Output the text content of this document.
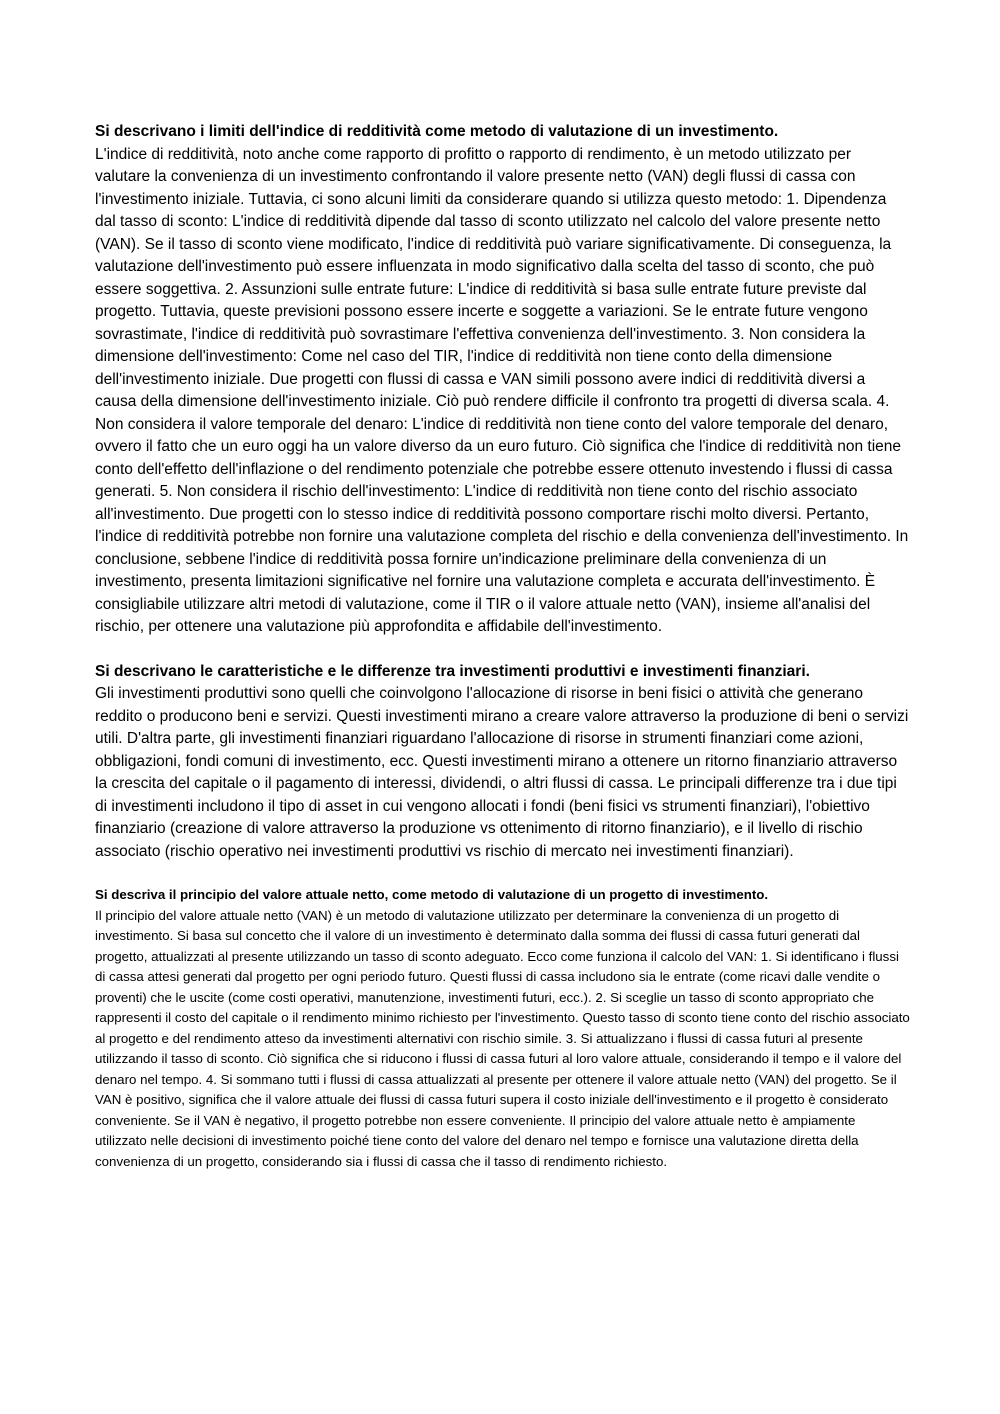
Si descrivano i limiti dell'indice di redditività come metodo di valutazione di un investimento.

L'indice di redditività, noto anche come rapporto di profitto o rapporto di rendimento, è un metodo utilizzato per valutare la convenienza di un investimento confrontando il valore presente netto (VAN) degli flussi di cassa con l'investimento iniziale. Tuttavia, ci sono alcuni limiti da considerare quando si utilizza questo metodo: 1. Dipendenza dal tasso di sconto: L'indice di redditività dipende dal tasso di sconto utilizzato nel calcolo del valore presente netto (VAN). Se il tasso di sconto viene modificato, l'indice di redditività può variare significativamente. Di conseguenza, la valutazione dell'investimento può essere influenzata in modo significativo dalla scelta del tasso di sconto, che può essere soggettiva. 2. Assunzioni sulle entrate future: L'indice di redditività si basa sulle entrate future previste dal progetto. Tuttavia, queste previsioni possono essere incerte e soggette a variazioni. Se le entrate future vengono sovrastimate, l'indice di redditività può sovrastimare l'effettiva convenienza dell'investimento. 3. Non considera la dimensione dell'investimento: Come nel caso del TIR, l'indice di redditività non tiene conto della dimensione dell'investimento iniziale. Due progetti con flussi di cassa e VAN simili possono avere indici di redditività diversi a causa della dimensione dell'investimento iniziale. Ciò può rendere difficile il confronto tra progetti di diversa scala. 4. Non considera il valore temporale del denaro: L'indice di redditività non tiene conto del valore temporale del denaro, ovvero il fatto che un euro oggi ha un valore diverso da un euro futuro. Ciò significa che l'indice di redditività non tiene conto dell'effetto dell'inflazione o del rendimento potenziale che potrebbe essere ottenuto investendo i flussi di cassa generati. 5. Non considera il rischio dell'investimento: L'indice di redditività non tiene conto del rischio associato all'investimento. Due progetti con lo stesso indice di redditività possono comportare rischi molto diversi. Pertanto, l'indice di redditività potrebbe non fornire una valutazione completa del rischio e della convenienza dell'investimento. In conclusione, sebbene l'indice di redditività possa fornire un'indicazione preliminare della convenienza di un investimento, presenta limitazioni significative nel fornire una valutazione completa e accurata dell'investimento. È consigliabile utilizzare altri metodi di valutazione, come il TIR o il valore attuale netto (VAN), insieme all'analisi del rischio, per ottenere una valutazione più approfondita e affidabile dell'investimento.

Si descrivano le caratteristiche e le differenze tra investimenti produttivi e investimenti finanziari.

Gli investimenti produttivi sono quelli che coinvolgono l'allocazione di risorse in beni fisici o attività che generano reddito o producono beni e servizi. Questi investimenti mirano a creare valore attraverso la produzione di beni o servizi utili. D'altra parte, gli investimenti finanziari riguardano l'allocazione di risorse in strumenti finanziari come azioni, obbligazioni, fondi comuni di investimento, ecc. Questi investimenti mirano a ottenere un ritorno finanziario attraverso la crescita del capitale o il pagamento di interessi, dividendi, o altri flussi di cassa. Le principali differenze tra i due tipi di investimenti includono il tipo di asset in cui vengono allocati i fondi (beni fisici vs strumenti finanziari), l'obiettivo finanziario (creazione di valore attraverso la produzione vs ottenimento di ritorno finanziario), e il livello di rischio associato (rischio operativo nei investimenti produttivi vs rischio di mercato nei investimenti finanziari).

Si descriva il principio del valore attuale netto, come metodo di valutazione di un progetto di investimento.

Il principio del valore attuale netto (VAN) è un metodo di valutazione utilizzato per determinare la convenienza di un progetto di investimento. Si basa sul concetto che il valore di un investimento è determinato dalla somma dei flussi di cassa futuri generati dal progetto, attualizzati al presente utilizzando un tasso di sconto adeguato. Ecco come funziona il calcolo del VAN: 1. Si identificano i flussi di cassa attesi generati dal progetto per ogni periodo futuro. Questi flussi di cassa includono sia le entrate (come ricavi dalle vendite o proventi) che le uscite (come costi operativi, manutenzione, investimenti futuri, ecc.). 2. Si sceglie un tasso di sconto appropriato che rappresenti il costo del capitale o il rendimento minimo richiesto per l'investimento. Questo tasso di sconto tiene conto del rischio associato al progetto e del rendimento atteso da investimenti alternativi con rischio simile. 3. Si attualizzano i flussi di cassa futuri al presente utilizzando il tasso di sconto. Ciò significa che si riducono i flussi di cassa futuri al loro valore attuale, considerando il tempo e il valore del denaro nel tempo. 4. Si sommano tutti i flussi di cassa attualizzati al presente per ottenere il valore attuale netto (VAN) del progetto. Se il VAN è positivo, significa che il valore attuale dei flussi di cassa futuri supera il costo iniziale dell'investimento e il progetto è considerato conveniente. Se il VAN è negativo, il progetto potrebbe non essere conveniente. Il principio del valore attuale netto è ampiamente utilizzato nelle decisioni di investimento poiché tiene conto del valore del denaro nel tempo e fornisce una valutazione diretta della convenienza di un progetto, considerando sia i flussi di cassa che il tasso di rendimento richiesto.
